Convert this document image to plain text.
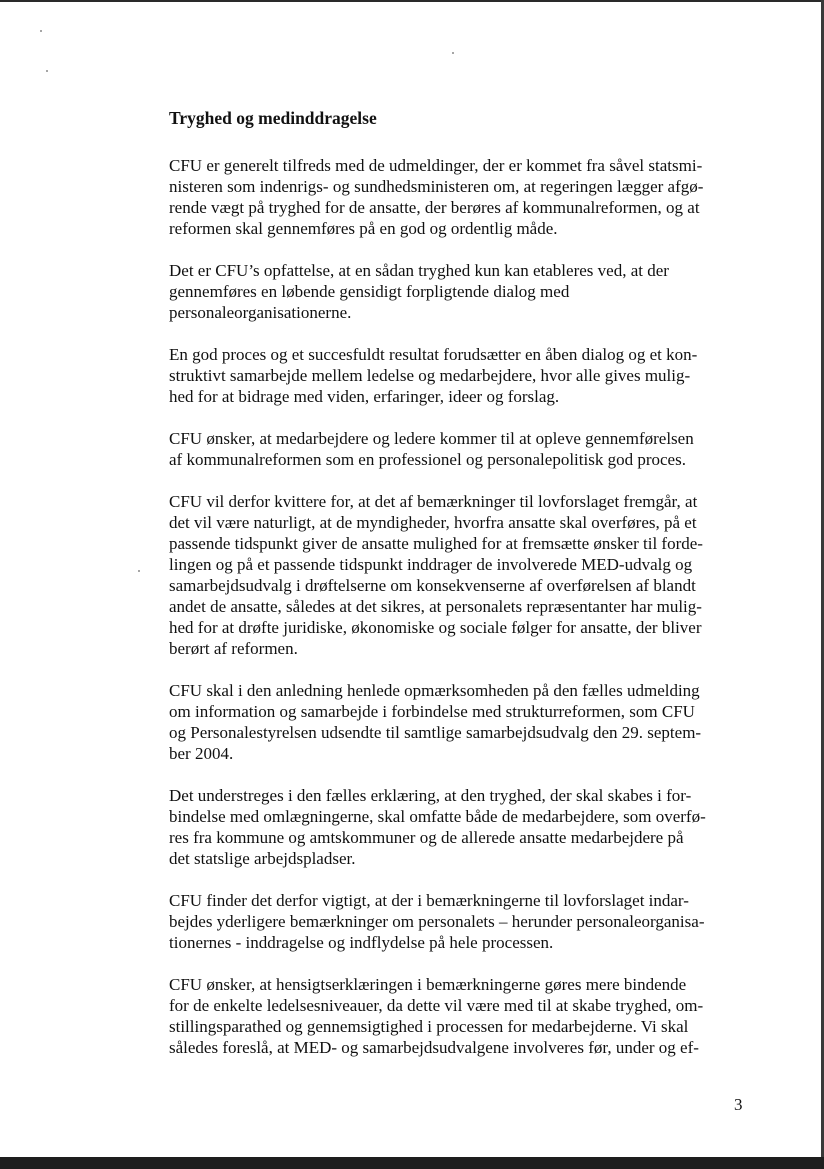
Tryghed og medinddragelse

CFU er generelt tilfreds med de udmeldinger, der er kommet fra såvel statsmi-
nisteren som indenrigs- og sundhedsministeren om, at regeringen lægger afgø-
rende vægt på tryghed for de ansatte, der berøres af kommunalreformen, og at
reformen skal gennemføres på en god og ordentlig måde.

Det er CFU’s opfattelse, at en sådan tryghed kun kan etableres ved, at der
gennemføres en løbende gensidigt forpligtende dialog med
personaleorganisationerne.

En god proces og et succesfuldt resultat forudsætter en åben dialog og et kon-
struktivt samarbejde mellem ledelse og medarbejdere, hvor alle gives mulig-
hed for at bidrage med viden, erfaringer, ideer og forslag.

CFU ønsker, at medarbejdere og ledere kommer til at opleve gennemførelsen
af kommunalreformen som en professionel og personalepolitisk god proces.

CFU vil derfor kvittere for, at det af bemærkninger til lovforslaget fremgår, at
det vil være naturligt, at de myndigheder, hvorfra ansatte skal overføres, på et
passende tidspunkt giver de ansatte mulighed for at fremsætte ønsker til forde-
lingen og på et passende tidspunkt inddrager de involverede MED-udvalg og
samarbejdsudvalg i drøftelserne om konsekvenserne af overførelsen af blandt
andet de ansatte, således at det sikres, at personalets repræsentanter har mulig-
hed for at drøfte juridiske, økonomiske og sociale følger for ansatte, der bliver
berørt af reformen.

CFU skal i den anledning henlede opmærksomheden på den fælles udmelding
om information og samarbejde i forbindelse med strukturreformen, som CFU
og Personalestyrelsen udsendte til samtlige samarbejdsudvalg den 29. septem-
ber 2004.

Det understreges i den fælles erklæring, at den tryghed, der skal skabes i for-
bindelse med omlægningerne, skal omfatte både de medarbejdere, som overfø-
res fra kommune og amtskommuner og de allerede ansatte medarbejdere på
det statslige arbejdspladser.

CFU finder det derfor vigtigt, at der i bemærkningerne til lovforslaget indar-
bejdes yderligere bemærkninger om personalets – herunder personaleorganisa-
tionernes - inddragelse og indflydelse på hele processen.

CFU ønsker, at hensigtserklæringen i bemærkningerne gøres mere bindende
for de enkelte ledelsesniveauer, da dette vil være med til at skabe tryghed, om-
stillingsparathed og gennemsigtighed i processen for medarbejderne. Vi skal
således foreslå, at MED- og samarbejdsudvalgene involveres før, under og ef-

3
